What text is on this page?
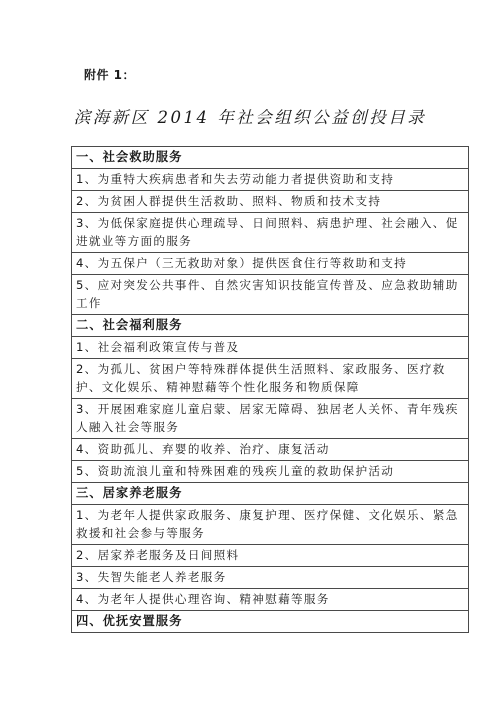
附件 1：
滨海新区 2014 年社会组织公益创投目录
一、社会救助服务
1、为重特大疾病患者和失去劳动能力者提供资助和支持
2、为贫困人群提供生活救助、照料、物质和技术支持
3、为低保家庭提供心理疏导、日间照料、病患护理、社会融入、促进就业等方面的服务
4、为五保户（三无救助对象）提供医食住行等救助和支持
5、应对突发公共事件、自然灾害知识技能宣传普及、应急救助辅助工作
二、社会福利服务
1、社会福利政策宣传与普及
2、为孤儿、贫困户等特殊群体提供生活照料、家政服务、医疗救护、文化娱乐、精神慰藉等个性化服务和物质保障
3、开展困难家庭儿童启蒙、居家无障碍、独居老人关怀、青年残疾人融入社会等服务
4、资助孤儿、弃婴的收养、治疗、康复活动
5、资助流浪儿童和特殊困难的残疾儿童的救助保护活动
三、居家养老服务
1、为老年人提供家政服务、康复护理、医疗保健、文化娱乐、紧急救援和社会参与等服务
2、居家养老服务及日间照料
3、失智失能老人养老服务
4、为老年人提供心理咨询、精神慰藉等服务
四、优抚安置服务
